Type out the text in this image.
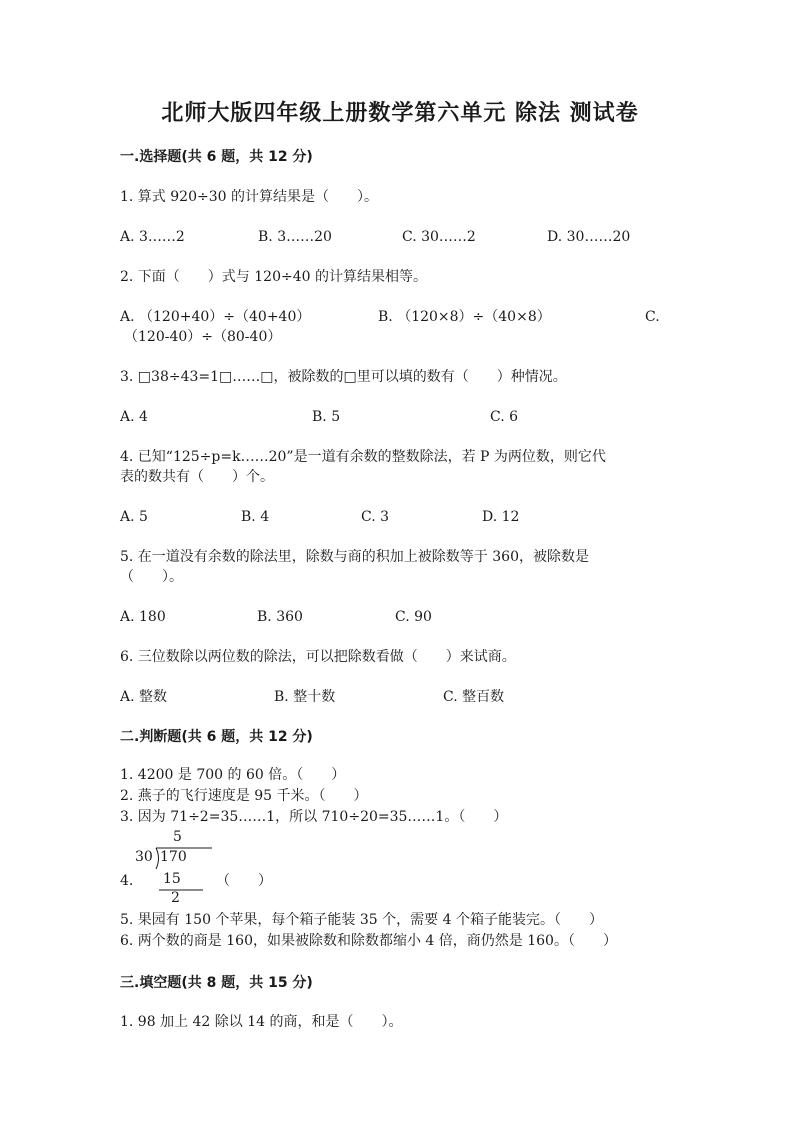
北师大版四年级上册数学第六单元 除法 测试卷
一.选择题(共 6 题，共 12 分)
1. 算式 920÷30 的计算结果是（　　）。
A. 3……2	B. 3……20	C. 30……2	D. 30……20
2. 下面（　　）式与 120÷40 的计算结果相等。
A. （120+40）÷（40+40）	B. （120×8）÷（40×8）	C.
（120-40）÷（80-40）
3. □38÷43=1□……□，被除数的□里可以填的数有（　　）种情况。
A. 4	B. 5	C. 6
4. 已知“125÷p=k……20”是一道有余数的整数除法，若 P 为两位数，则它代
表的数共有（　　）个。
A. 5	B. 4	C. 3	D. 12
5. 在一道没有余数的除法里，除数与商的积加上被除数等于 360，被除数是
（　　）。
A. 180	B. 360	C. 90
6. 三位数除以两位数的除法，可以把除数看做（　　）来试商。
A. 整数	B. 整十数	C. 整百数
二.判断题(共 6 题，共 12 分)
1. 4200 是 700 的 60 倍。（　　）
2. 燕子的飞行速度是 95 千米。（　　）
3. 因为 71÷2=35……1，所以 710÷20=35……1。（　　）
5
30 170
15
2
4.	（　　）
5. 果园有 150 个苹果，每个箱子能装 35 个，需要 4 个箱子能装完。（　　）
6. 两个数的商是 160，如果被除数和除数都缩小 4 倍，商仍然是 160。（　　）
三.填空题(共 8 题，共 15 分)
1. 98 加上 42 除以 14 的商，和是（　　）。
